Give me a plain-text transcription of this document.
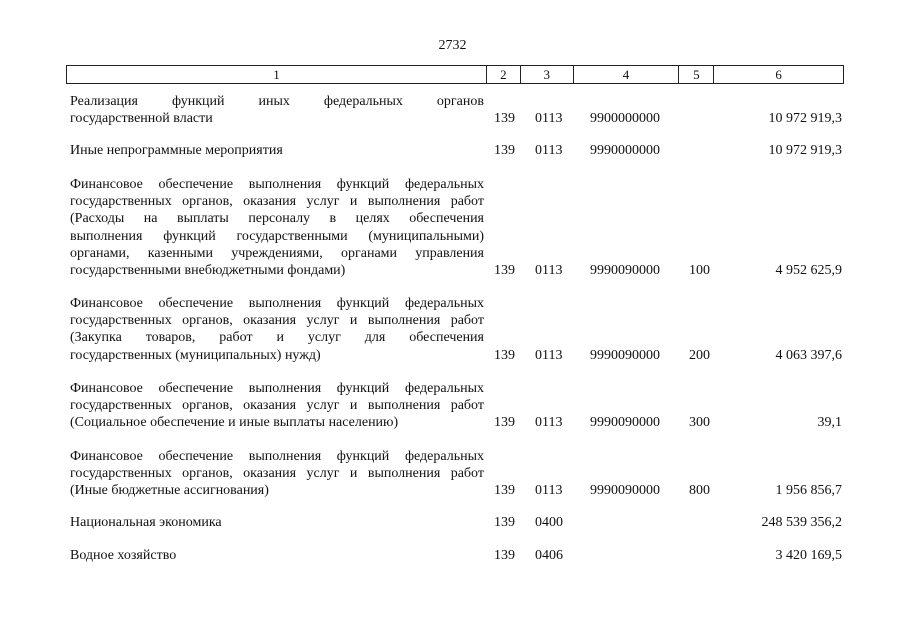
2732
1	2	3	4	5	6
Реализация функций иных федеральных органов
государственной власти	139 0113 9900000000	10 972 919,3
Иные непрограммные мероприятия	139 0113 9990000000	10 972 919,3
Финансовое обеспечение выполнения функций федеральных
государственных органов, оказания услуг и выполнения работ
(Расходы на выплаты персоналу в целях обеспечения
выполнения функций государственными (муниципальными)
органами, казенными учреждениями, органами управления
государственными внебюджетными фондами)	139 0113 9990090000 100	4 952 625,9
Финансовое обеспечение выполнения функций федеральных
государственных органов, оказания услуг и выполнения работ
(Закупка товаров, работ и услуг для обеспечения
государственных (муниципальных) нужд)	139 0113 9990090000 200	4 063 397,6
Финансовое обеспечение выполнения функций федеральных
государственных органов, оказания услуг и выполнения работ
(Социальное обеспечение и иные выплаты населению)	139 0113 9990090000 300	39,1
Финансовое обеспечение выполнения функций федеральных
государственных органов, оказания услуг и выполнения работ
(Иные бюджетные ассигнования)	139 0113 9990090000 800	1 956 856,7
Национальная экономика	139 0400	248 539 356,2
Водное хозяйство	139 0406	3 420 169,5
